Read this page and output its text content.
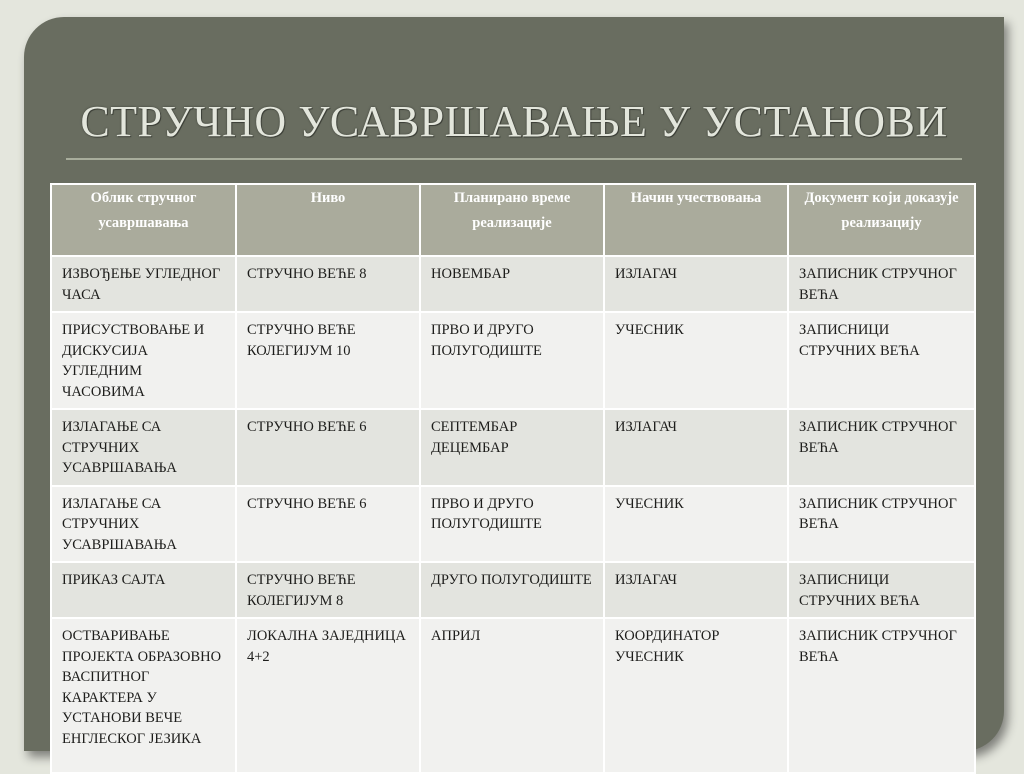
СТРУЧНО УСАВРШАВАЊЕ У УСТАНОВИ
Облик стручног усавршавања	Ниво	Планирано време реализације	Начин учествовања	Документ који доказује реализацију
ИЗВОЂЕЊЕ УГЛЕДНОГ ЧАСА	СТРУЧНО ВЕЋЕ 8	НОВЕМБАР	ИЗЛАГАЧ	ЗАПИСНИК СТРУЧНОГ ВЕЋА
ПРИСУСТВОВАЊЕ И ДИСКУСИЈА УГЛЕДНИМ ЧАСОВИМА	СТРУЧНО ВЕЋЕ КОЛЕГИЈУМ 10	ПРВО И ДРУГО ПОЛУГОДИШТЕ	УЧЕСНИК	ЗАПИСНИЦИ СТРУЧНИХ ВЕЋА
ИЗЛАГАЊЕ СА СТРУЧНИХ УСАВРШАВАЊА	СТРУЧНО ВЕЋЕ 6	СЕПТЕМБАР ДЕЦЕМБАР	ИЗЛАГАЧ	ЗАПИСНИК СТРУЧНОГ ВЕЋА
ИЗЛАГАЊЕ СА СТРУЧНИХ УСАВРШАВАЊА	СТРУЧНО ВЕЋЕ 6	ПРВО И ДРУГО ПОЛУГОДИШТЕ	УЧЕСНИК	ЗАПИСНИК СТРУЧНОГ ВЕЋА
ПРИКАЗ САЈТА	СТРУЧНО ВЕЋЕ КОЛЕГИЈУМ 8	ДРУГО ПОЛУГОДИШТЕ	ИЗЛАГАЧ	ЗАПИСНИЦИ СТРУЧНИХ ВЕЋА
ОСТВАРИВАЊЕ ПРОЈЕКТА ОБРАЗОВНО ВАСПИТНОГ КАРАКТЕРА У УСТАНОВИ ВЕЧЕ ЕНГЛЕСКОГ ЈЕЗИКА	ЛОКАЛНА ЗАЈЕДНИЦА 4+2	АПРИЛ	КООРДИНАТОР УЧЕСНИК	ЗАПИСНИК СТРУЧНОГ ВЕЋА
